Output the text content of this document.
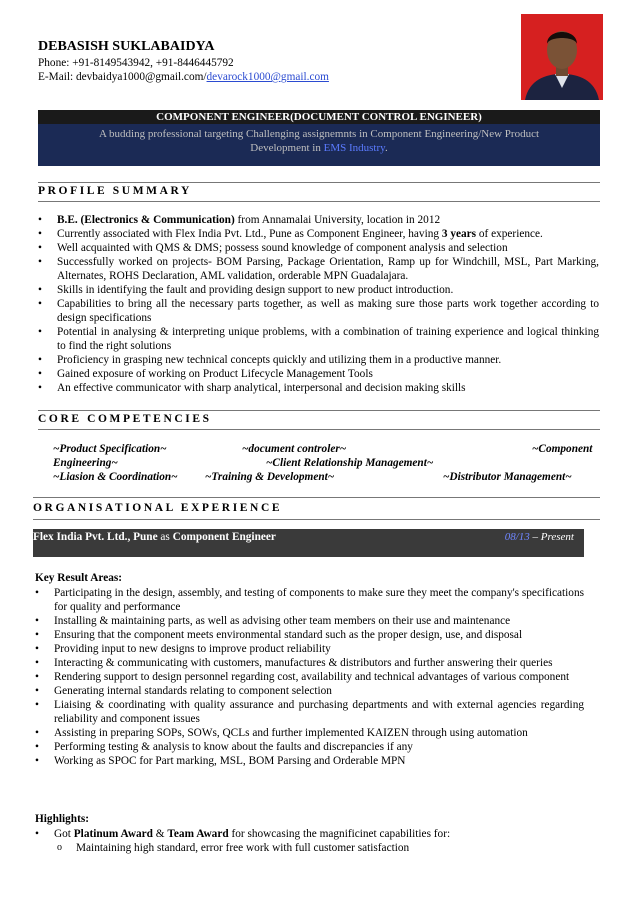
DEBASISH SUKLABAIDYA
Phone: +91-8149543942, +91-8446445792
E-Mail: devbaidya1000@gmail.com/devarock1000@gmail.com
COMPONENT ENGINEER(DOCUMENT CONTROL ENGINEER)
A budding professional targeting Challenging assignemnts in Component Engineering/New Product
Development in EMS Industry.
PROFILE SUMMARY
• B.E. (Electronics & Communication) from Annamalai University, location in 2012
• Currently associated with Flex India Pvt. Ltd., Pune as Component Engineer, having 3 years of experience.
• Well acquainted with QMS & DMS; possess sound knowledge of component analysis and selection
• Successfully worked on projects- BOM Parsing, Package Orientation, Ramp up for Windchill, MSL, Part Marking, Alternates, ROHS Declaration, AML validation, orderable MPN Guadalajara.
• Skills in identifying the fault and providing design support to new product introduction.
• Capabilities to bring all the necessary parts together, as well as making sure those parts work together according to design specifications
• Potential in analysing & interpreting unique problems, with a combination of training experience and logical thinking to find the right solutions
• Proficiency in grasping new technical concepts quickly and utilizing them in a productive manner.
• Gained exposure of working on Product Lifecycle Management Tools
• An effective communicator with sharp analytical, interpersonal and decision making skills
CORE COMPETENCIES
~Product Specification~	~document controler~	~Component
Engineering~	~Client Relationship Management~
~Liasion & Coordination~ ~Training & Development~	~Distributor Management~
ORGANISATIONAL EXPERIENCE
Flex India Pvt. Ltd., Pune as Component Engineer	08/13 – Present
Key Result Areas:
• Participating in the design, assembly, and testing of components to make sure they meet the company's specifications for quality and performance
• Installing & maintaining parts, as well as advising other team members on their use and maintenance
• Ensuring that the component meets environmental standard such as the proper design, use, and disposal
• Providing input to new designs to improve product reliability
• Interacting & communicating with customers, manufactures & distributors and further answering their queries
• Rendering support to design personnel regarding cost, availability and technical advantages of various component
• Generating internal standards relating to component selection
• Liaising & coordinating with quality assurance and purchasing departments and with external agencies regarding reliability and component issues
• Assisting in preparing SOPs, SOWs, QCLs and further implemented KAIZEN through using automation
• Performing testing & analysis to know about the faults and discrepancies if any
• Working as SPOC for Part marking, MSL, BOM Parsing and Orderable MPN
Highlights:
• Got Platinum Award & Team Award for showcasing the magnificinet capabilities for:
o Maintaining high standard, error free work with full customer satisfaction
